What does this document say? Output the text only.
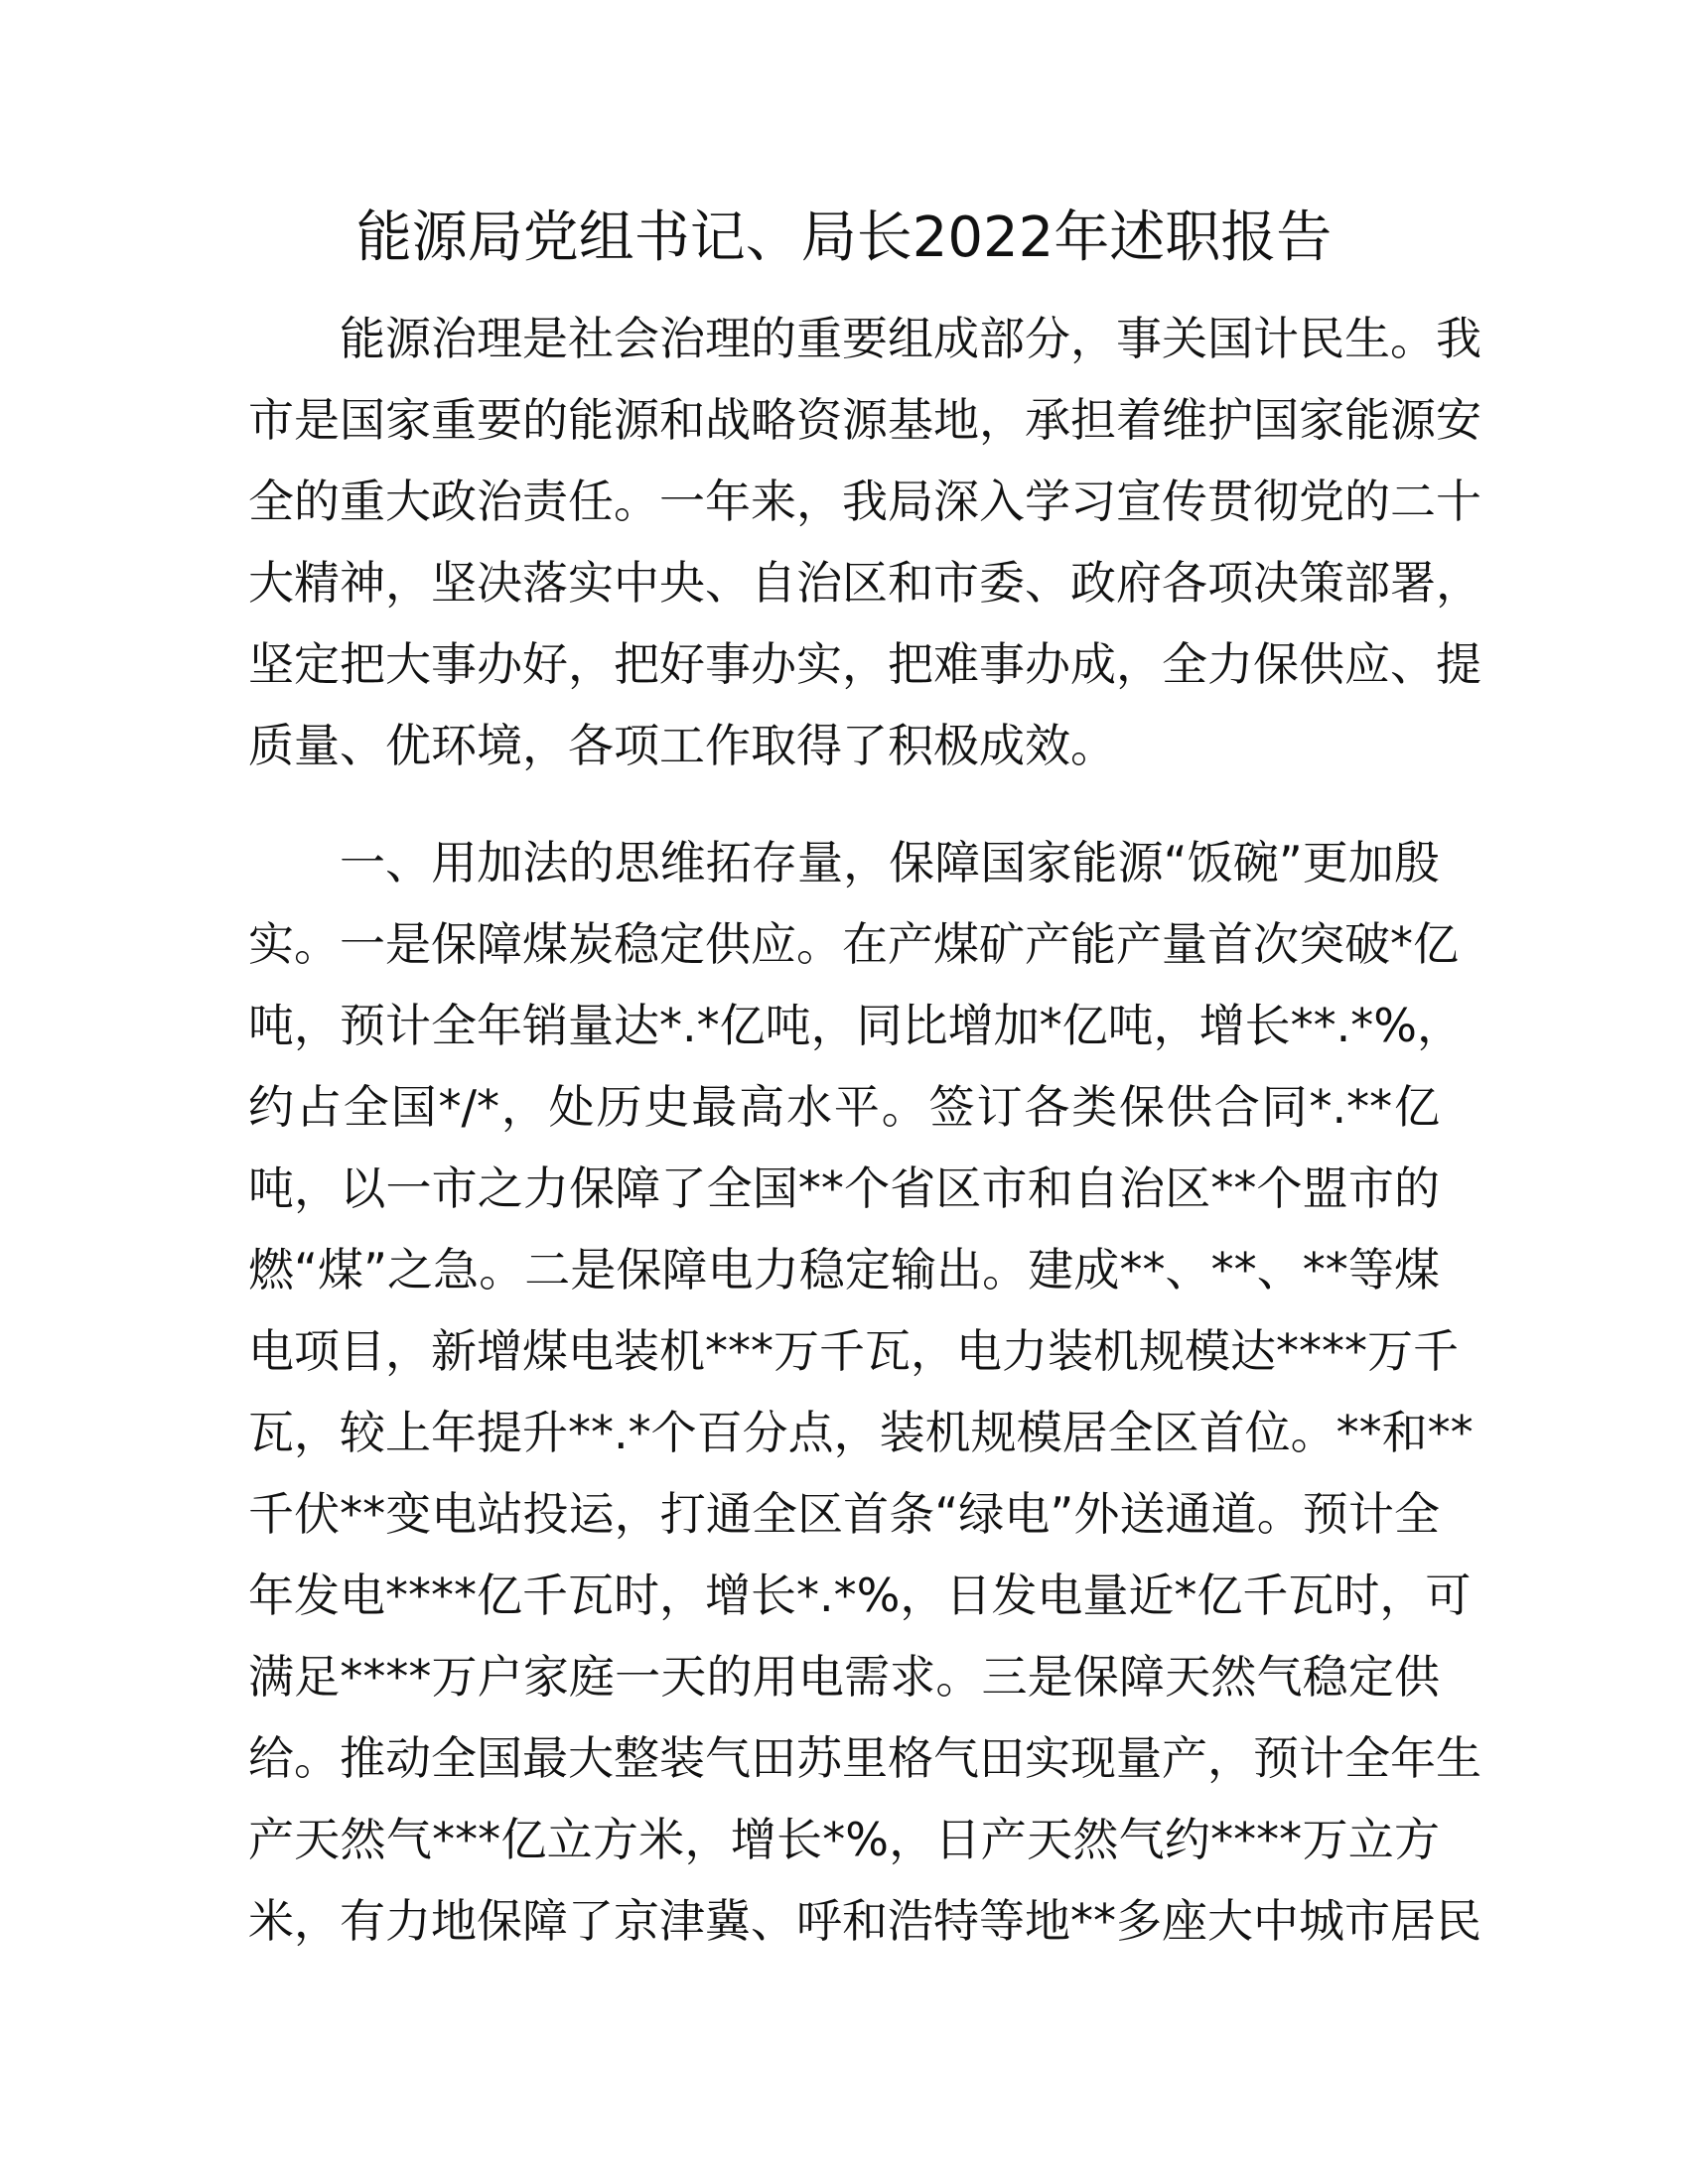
能源局党组书记、局长2022年述职报告

能源治理是社会治理的重要组成部分，事关国计民生。我
市是国家重要的能源和战略资源基地，承担着维护国家能源安
全的重大政治责任。一年来，我局深入学习宣传贯彻党的二十
大精神，坚决落实中央、自治区和市委、政府各项决策部署，
坚定把大事办好，把好事办实，把难事办成，全力保供应、提
质量、优环境，各项工作取得了积极成效。

一、用加法的思维拓存量，保障国家能源“饭碗”更加殷
实。一是保障煤炭稳定供应。在产煤矿产能产量首次突破*亿
吨，预计全年销量达*.*亿吨，同比增加*亿吨，增长**.*%，
约占全国*/*，处历史最高水平。签订各类保供合同*.**亿
吨，以一市之力保障了全国**个省区市和自治区**个盟市的
燃“煤”之急。二是保障电力稳定输出。建成**、**、**等煤
电项目，新增煤电装机***万千瓦，电力装机规模达****万千
瓦，较上年提升**.*个百分点，装机规模居全区首位。**和**
千伏**变电站投运，打通全区首条“绿电”外送通道。预计全
年发电****亿千瓦时，增长*.*%，日发电量近*亿千瓦时，可
满足****万户家庭一天的用电需求。三是保障天然气稳定供
给。推动全国最大整装气田苏里格气田实现量产，预计全年生
产天然气***亿立方米，增长*%，日产天然气约****万立方
米，有力地保障了京津冀、呼和浩特等地**多座大中城市居民
